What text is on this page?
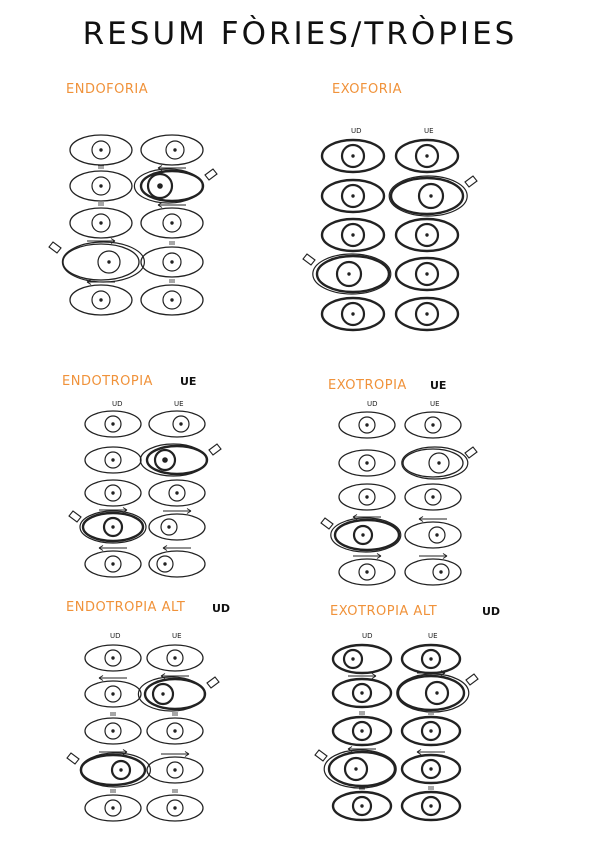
RESUM FÒRIES/TRÒPIES
ENDOFORIA	EXOFORIA
ENDOTROPIA UE	EXOTROPIA UE
ENDOTROPIA ALT UD	EXOTROPIA ALT	UD
UD	UE
UD	UE	UD	UE
UD	UE	UD	UE
